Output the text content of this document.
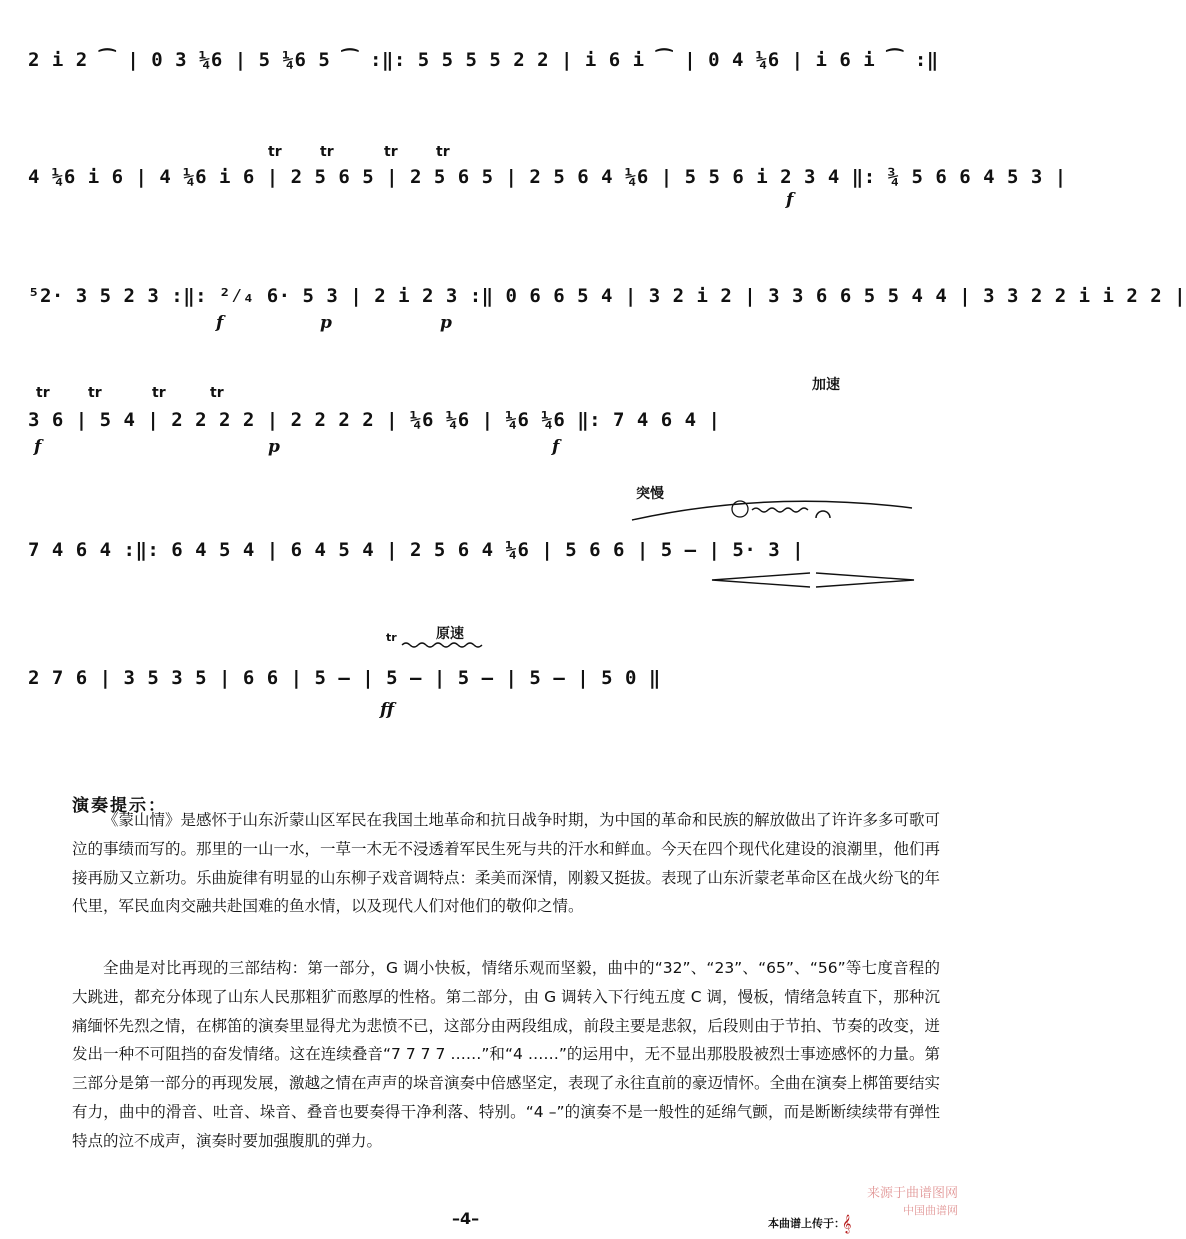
2 i 2 ⁀ | 0 3 ¼6 | 5 ¼6 5 ⁀ :‖: 5 5 5 5 2 2 | i 6 i ⁀ | 0 4 ¼6 | i 6 i ⁀ :‖
tr	tr	tr	tr
4 ¼6 i 6 | 4 ¼6 i 6 | 2 5 6 5 | 2 5 6 5 | 2 5 6 4 ¼6 | 5 5 6 i 2 3 4 ‖: ¾ 5 6 6 4 5 3 |
f
⁵2· 3 5 2 3 :‖: ²⁄₄ 6· 5 3 | 2 i 2 3 :‖ 0 6 6 5 4 | 3 2 i 2 | 3 3 6 6 5 5 4 4 | 3 3 2 2 i i 2 2 |
f	p	p
tr	tr	tr	tr	加速
3 6 | 5 4 | 2 2 2 2 | 2 2 2 2 | ¼6 ¼6 | ¼6 ¼6 ‖: 7 4 6 4 |
f	p	f
突慢
7 4 6 4 :‖: 6 4 5 4 | 6 4 5 4 | 2 5 6 4 ¼6 | 5 6 6 | 5 – | 5· 3 |
tr	原速
2 7 6 | 3 5 3 5 | 6 6 | 5 – | 5 – | 5 – | 5 – | 5 0 ‖
ff
演奏提示：

《蒙山情》是感怀于山东沂蒙山区军民在我国土地革命和抗日战争时期，为中国的革命和民族的解放做出了许许多多可歌可泣的事绩而写的。那里的一山一水，一草一木无不浸透着军民生死与共的汗水和鲜血。今天在四个现代化建设的浪潮里，他们再接再励又立新功。乐曲旋律有明显的山东柳子戏音调特点：柔美而深情，刚毅又挺拔。表现了山东沂蒙老革命区在战火纷飞的年代里，军民血肉交融共赴国难的鱼水情，以及现代人们对他们的敬仰之情。

全曲是对比再现的三部结构：第一部分，G 调小快板，情绪乐观而坚毅，曲中的“32”、“23”、“65”、“56”等七度音程的大跳进，都充分体现了山东人民那粗犷而憨厚的性格。第二部分，由 G 调转入下行纯五度 C 调，慢板，情绪急转直下，那种沉痛缅怀先烈之情，在梆笛的演奏里显得尤为悲愤不已，这部分由两段组成，前段主要是悲叙，后段则由于节拍、节奏的改变，迸发出一种不可阻挡的奋发情绪。这在连续叠音“7 7 7 7 ……”和“4 ……”的运用中，无不显出那股股被烈士事迹感怀的力量。第三部分是第一部分的再现发展，激越之情在声声的垛音演奏中倍感坚定，表现了永往直前的豪迈情怀。全曲在演奏上梆笛要结实有力，曲中的滑音、吐音、垛音、叠音也要奏得干净利落、特别。“4 –”的演奏不是一般性的延绵气颤，而是断断续续带有弹性特点的泣不成声，演奏时要加强腹肌的弹力。

–4–	本曲谱上传于：
来源于曲谱图网
中国曲谱网
𝄞
